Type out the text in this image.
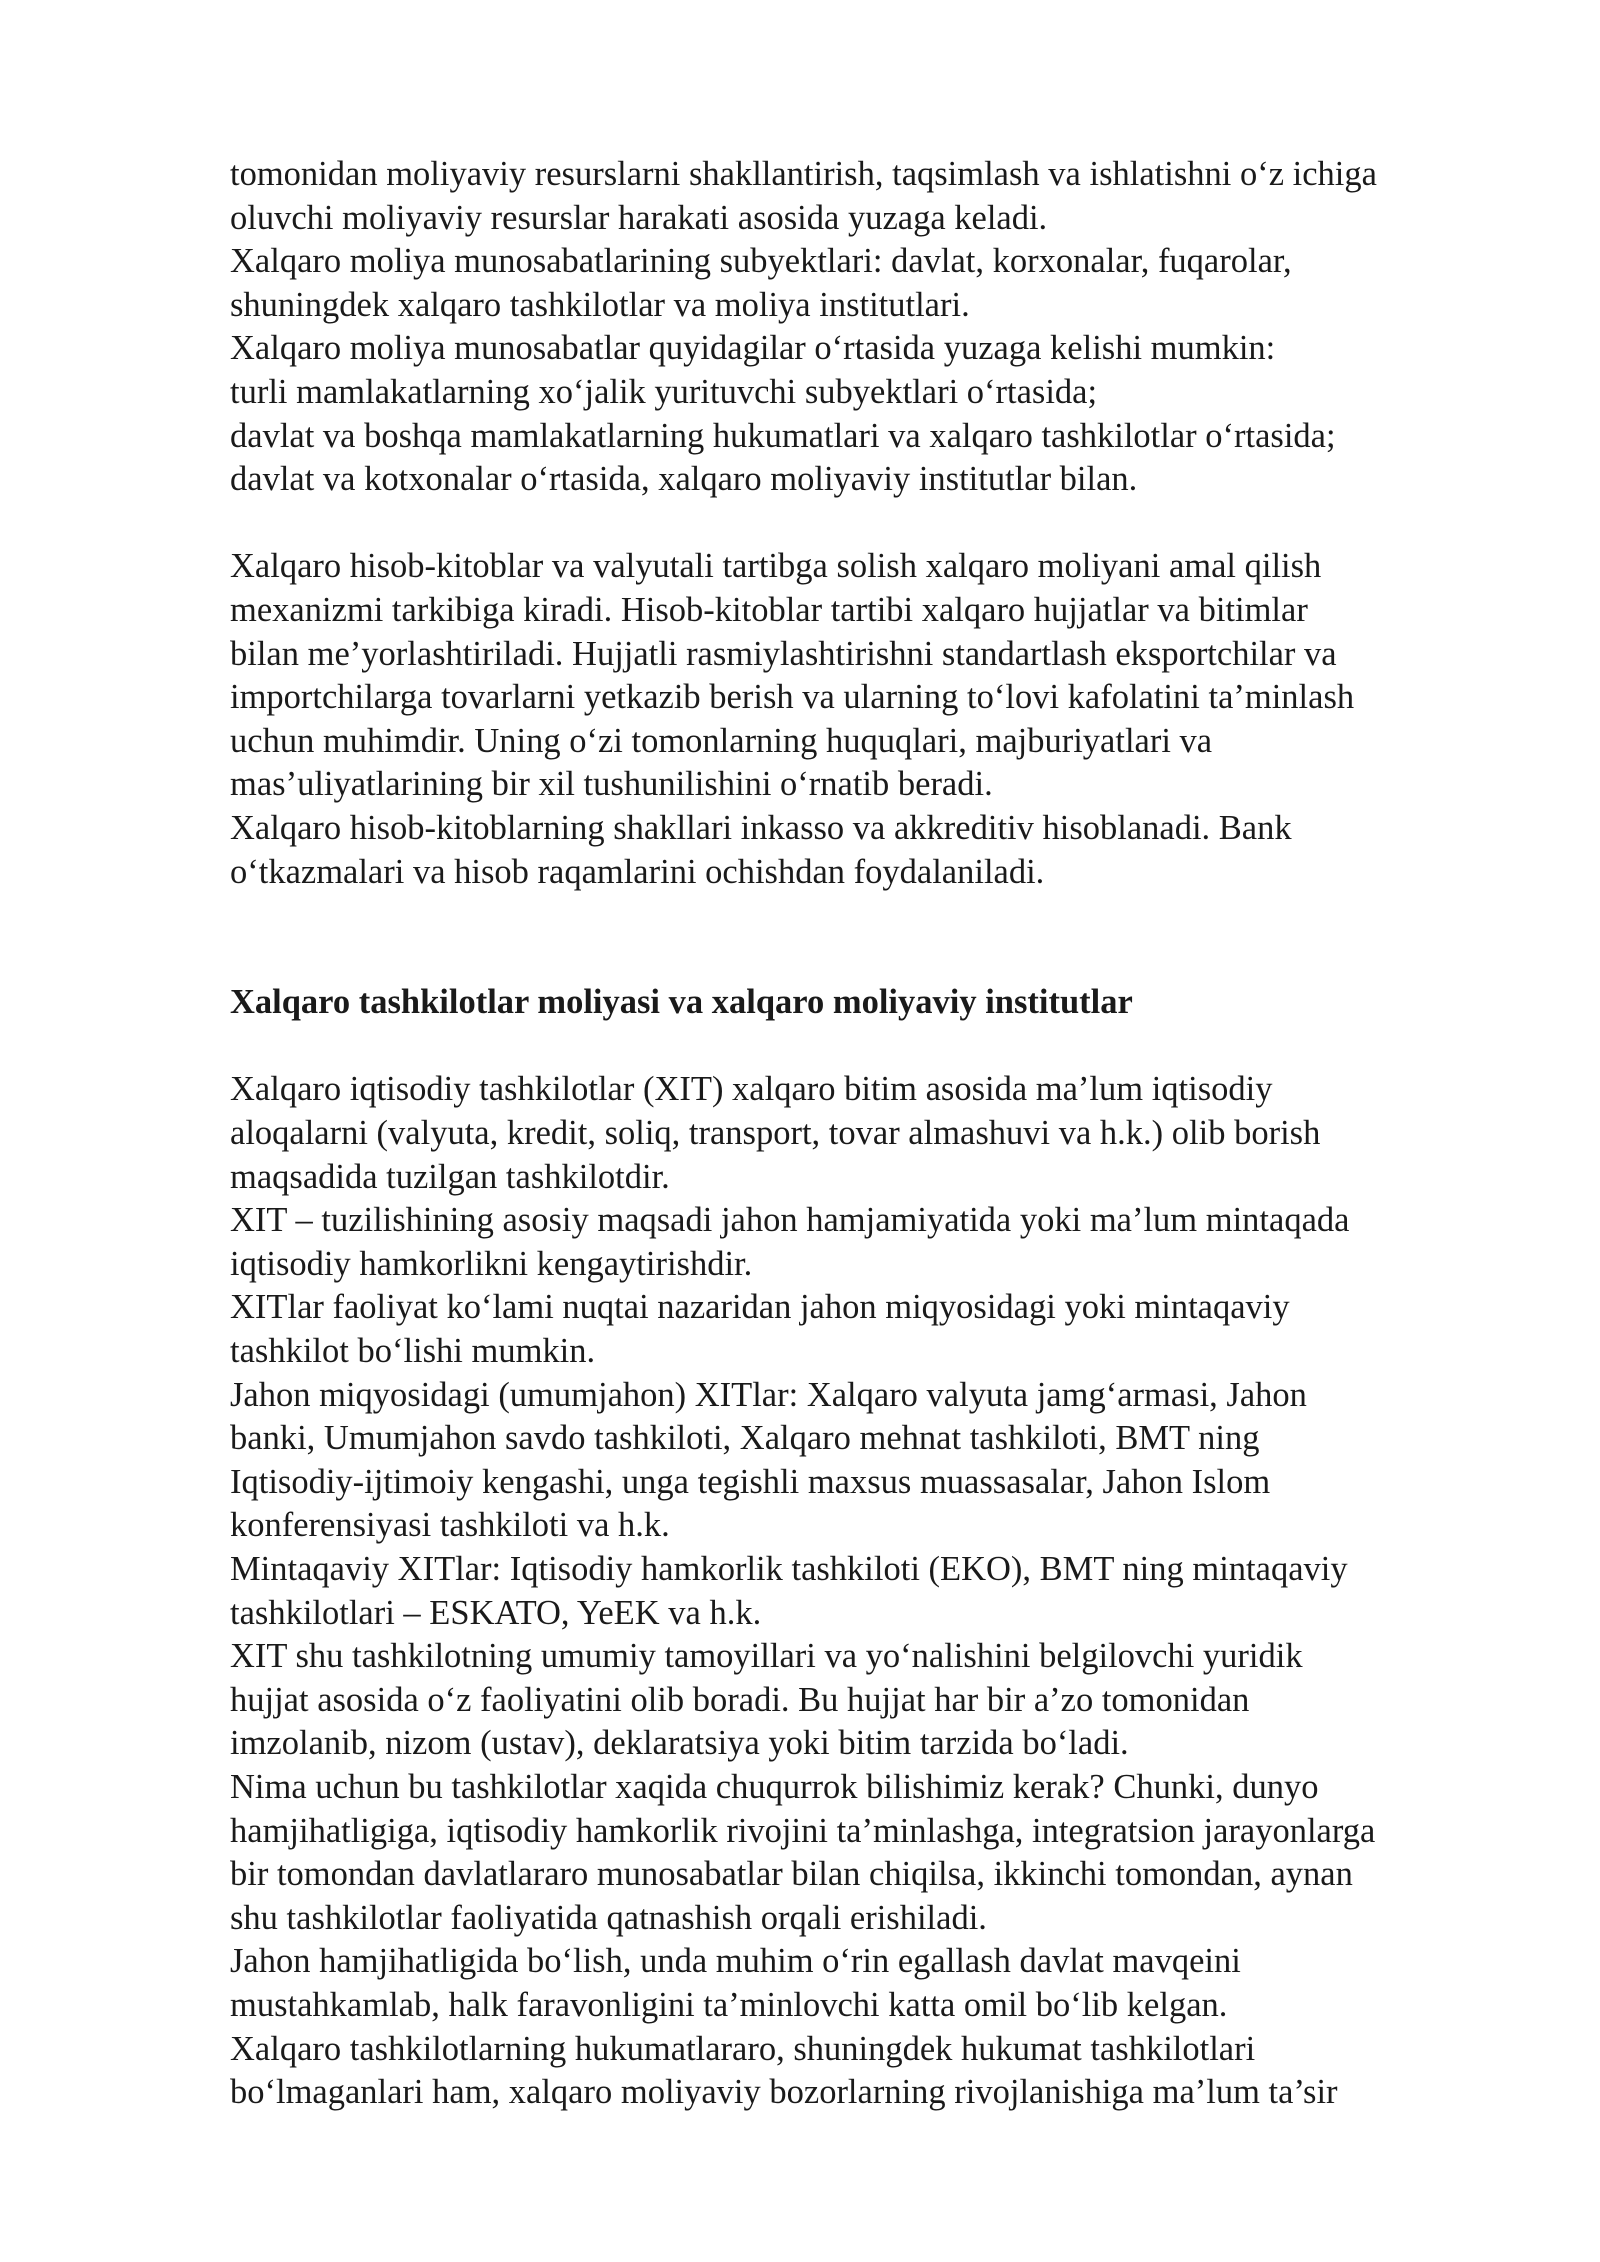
tomonidan moliyaviy resurslarni shakllantirish, taqsimlash va ishlatishni o‘z ichiga
oluvchi moliyaviy resurslar harakati asosida yuzaga keladi.
Xalqaro moliya munosabatlarining subyektlari: davlat, korxonalar, fuqarolar,
shuningdek xalqaro tashkilotlar va moliya institutlari.
Xalqaro moliya munosabatlar quyidagilar o‘rtasida yuzaga kelishi mumkin:
turli mamlakatlarning xo‘jalik yurituvchi subyektlari o‘rtasida;
davlat va boshqa mamlakatlarning hukumatlari va xalqaro tashkilotlar o‘rtasida;
davlat va kotxonalar o‘rtasida, xalqaro moliyaviy institutlar bilan.
Xalqaro hisob-kitoblar va valyutali tartibga solish xalqaro moliyani amal qilish
mexanizmi tarkibiga kiradi. Hisob-kitoblar tartibi xalqaro hujjatlar va bitimlar
bilan me’yorlashtiriladi. Hujjatli rasmiylashtirishni standartlash eksportchilar va
importchilarga tovarlarni yetkazib berish va ularning to‘lovi kafolatini ta’minlash
uchun muhimdir. Uning o‘zi tomonlarning huquqlari, majburiyatlari va
mas’uliyatlarining bir xil tushunilishini o‘rnatib beradi.
Xalqaro hisob-kitoblarning shakllari inkasso va akkreditiv hisoblanadi. Bank
o‘tkazmalari va hisob raqamlarini ochishdan foydalaniladi.
Xalqaro tashkilotlar moliyasi va xalqaro moliyaviy institutlar
Xalqaro iqtisodiy tashkilotlar (XIT) xalqaro bitim asosida ma’lum iqtisodiy
aloqalarni (valyuta, kredit, soliq, transport, tovar almashuvi va h.k.) olib borish
maqsadida tuzilgan tashkilotdir.
XIT – tuzilishining asosiy maqsadi jahon hamjamiyatida yoki ma’lum mintaqada
iqtisodiy hamkorlikni kengaytirishdir.
XITlar faoliyat ko‘lami nuqtai nazaridan jahon miqyosidagi yoki mintaqaviy
tashkilot bo‘lishi mumkin.
Jahon miqyosidagi (umumjahon) XITlar: Xalqaro valyuta jamg‘armasi, Jahon
banki, Umumjahon savdo tashkiloti, Xalqaro mehnat tashkiloti, BMT ning
Iqtisodiy-ijtimoiy kengashi, unga tegishli maxsus muassasalar, Jahon Islom
konferensiyasi tashkiloti va h.k.
Mintaqaviy XITlar: Iqtisodiy hamkorlik tashkiloti (EKO), BMT ning mintaqaviy
tashkilotlari – ESKATO, YeEK va h.k.
XIT shu tashkilotning umumiy tamoyillari va yo‘nalishini belgilovchi yuridik
hujjat asosida o‘z faoliyatini olib boradi. Bu hujjat har bir a’zo tomonidan
imzolanib, nizom (ustav), deklaratsiya yoki bitim tarzida bo‘ladi.
Nima uchun bu tashkilotlar xaqida chuqurrok bilishimiz kerak? Chunki, dunyo
hamjihatligiga, iqtisodiy hamkorlik rivojini ta’minlashga, integratsion jarayonlarga
bir tomondan davlatlararo munosabatlar bilan chiqilsa, ikkinchi tomondan, aynan
shu tashkilotlar faoliyatida qatnashish orqali erishiladi.
Jahon hamjihatligida bo‘lish, unda muhim o‘rin egallash davlat mavqeini
mustahkamlab, halk faravonligini ta’minlovchi katta omil bo‘lib kelgan.
Xalqaro tashkilotlarning hukumatlararo, shuningdek hukumat tashkilotlari
bo‘lmaganlari ham, xalqaro moliyaviy bozorlarning rivojlanishiga ma’lum ta’sir
